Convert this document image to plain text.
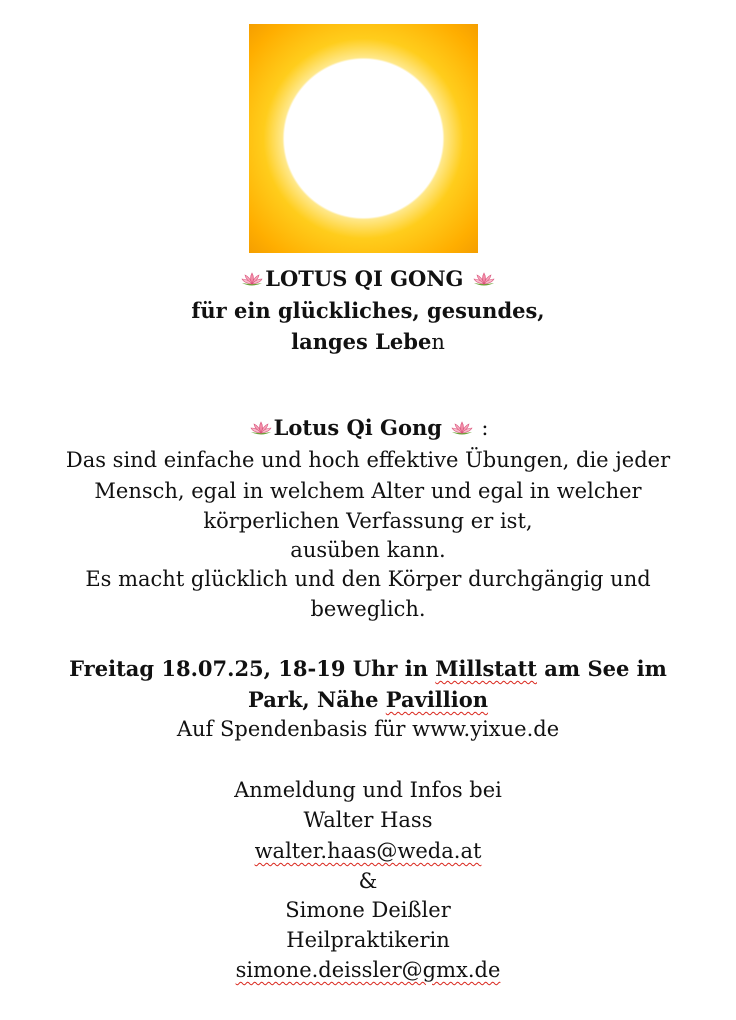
LOTUS QI GONG
für ein glückliches, gesundes,
langes Leben
Lotus Qi Gong  :
Das sind einfache und hoch effektive Übungen, die jeder
Mensch, egal in welchem Alter und egal in welcher
körperlichen Verfassung er ist,
ausüben kann.
Es macht glücklich und den Körper durchgängig und
beweglich.
Freitag 18.07.25, 18-19 Uhr in Millstatt am See im
Park, Nähe Pavillion
Auf Spendenbasis für www.yixue.de
Anmeldung und Infos bei
Walter Hass
walter.haas@weda.at
&
Simone Deißler
Heilpraktikerin
simone.deissler@gmx.de
